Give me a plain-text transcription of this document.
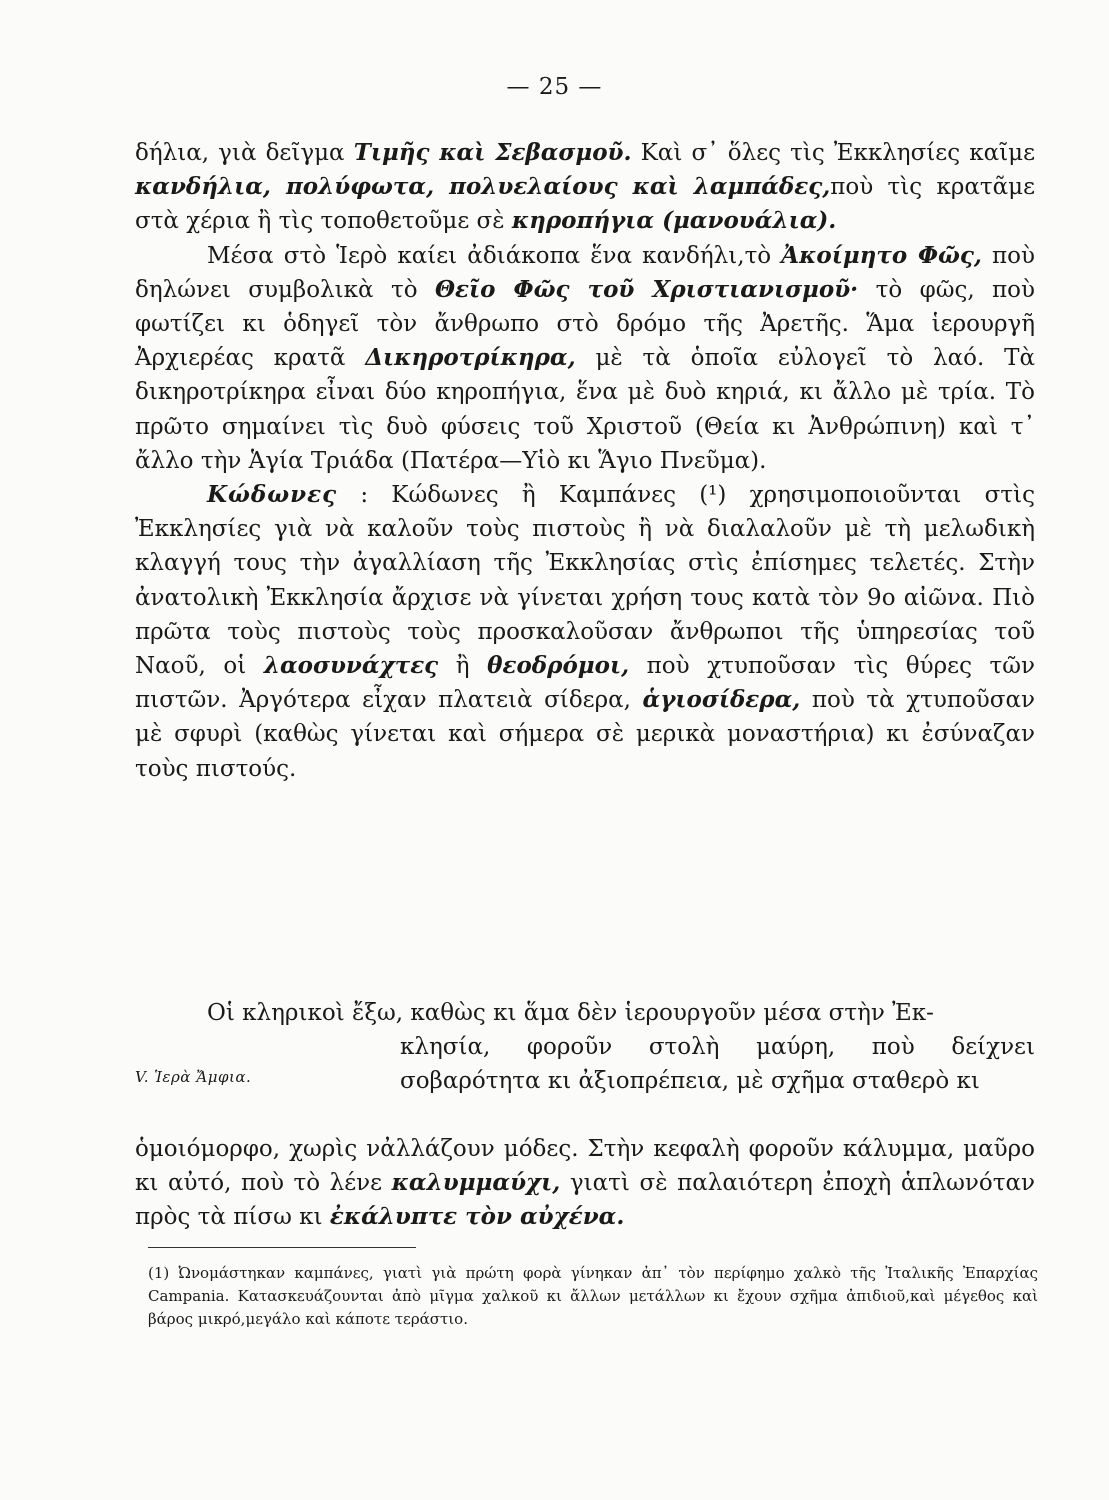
— 25 —

δήλια, γιὰ δεῖγμα Τιμῆς καὶ Σεβασμοῦ. Καὶ σ᾽ ὅλες τὶς Ἐκκλησίες καῖμε κανδήλια, πολύφωτα, πολυελαίους καὶ λαμπάδες,ποὺ τὶς κρατᾶμε στὰ χέρια ἢ τὶς τοποθετοῦμε σὲ κηροπήγια (μανουάλια).

Μέσα στὸ Ἱερὸ καίει ἀδιάκοπα ἕνα κανδήλι,τὸ Ἀκοίμητο Φῶς, ποὺ δηλώνει συμβολικὰ τὸ Θεῖο Φῶς τοῦ Χριστιανισμοῦ· τὸ φῶς, ποὺ φωτίζει κι ὁδηγεῖ τὸν ἄνθρωπο στὸ δρόμο τῆς Ἀρετῆς. Ἅμα ἱερουργῆ Ἀρχιερέας κρατᾶ Δικηροτρίκηρα, μὲ τὰ ὁποῖα εὐλογεῖ τὸ λαό. Τὰ δικηροτρίκηρα εἶναι δύο κηροπήγια, ἕνα μὲ δυὸ κηριά, κι ἄλλο μὲ τρία. Τὸ πρῶτο σημαίνει τὶς δυὸ φύσεις τοῦ Χριστοῦ (Θεία κι Ἀνθρώπινη) καὶ τ᾽ ἄλλο τὴν Ἁγία Τριάδα (Πατέρα—Υἱὸ κι Ἅγιο Πνεῦμα).

Κώδωνες : Κώδωνες ἢ Καμπάνες (¹) χρησιμοποιοῦνται στὶς Ἐκκλησίες γιὰ νὰ καλοῦν τοὺς πιστοὺς ἢ νὰ διαλαλοῦν μὲ τὴ μελωδικὴ κλαγγή τους τὴν ἀγαλλίαση τῆς Ἐκκλησίας στὶς ἐπίσημες τελετές. Στὴν ἀνατολικὴ Ἐκκλησία ἄρχισε νὰ γίνεται χρήση τους κατὰ τὸν 9ο αἰῶνα. Πιὸ πρῶτα τοὺς πιστοὺς τοὺς προσκαλοῦσαν ἄνθρωποι τῆς ὑπηρεσίας τοῦ Ναοῦ, οἱ λαοσυνάχτες ἢ θεοδρόμοι, ποὺ χτυποῦσαν τὶς θύρες τῶν πιστῶν. Ἀργότερα εἶχαν πλατειὰ σίδερα, ἁγιοσίδερα, ποὺ τὰ χτυποῦσαν μὲ σφυρὶ (καθὼς γίνεται καὶ σήμερα σὲ μερικὰ μοναστήρια) κι ἐσύναζαν τοὺς πιστούς.

Οἱ κληρικοὶ ἔξω, καθὼς κι ἅμα δὲν ἱερουργοῦν μέσα στὴν Ἐκ-
V. Ἱερὰ Ἄμφια.
κλησία, φοροῦν στολὴ μαύρη, ποὺ δείχνει σοβαρότητα κι ἀξιοπρέπεια, μὲ σχῆμα σταθερὸ κι

ὁμοιόμορφο, χωρὶς νἀλλάζουν μόδες. Στὴν κεφαλὴ φοροῦν κάλυμμα, μαῦρο κι αὐτό, ποὺ τὸ λένε καλυμμαύχι, γιατὶ σὲ παλαιότερη ἐποχὴ ἁπλωνόταν πρὸς τὰ πίσω κι ἐκάλυπτε τὸν αὐχένα.

(1) Ὠνομάστηκαν καμπάνες, γιατὶ γιὰ πρώτη φορὰ γίνηκαν ἀπ᾽ τὸν περίφημο χαλκὸ τῆς Ἰταλικῆς Ἐπαρχίας Campania. Κατασκευάζουνται ἀπὸ μῖγμα χαλκοῦ κι ἄλλων μετάλλων κι ἔχουν σχῆμα ἀπιδιοῦ,καὶ μέγεθος καὶ βάρος μικρό,μεγάλο καὶ κάποτε τεράστιο.
